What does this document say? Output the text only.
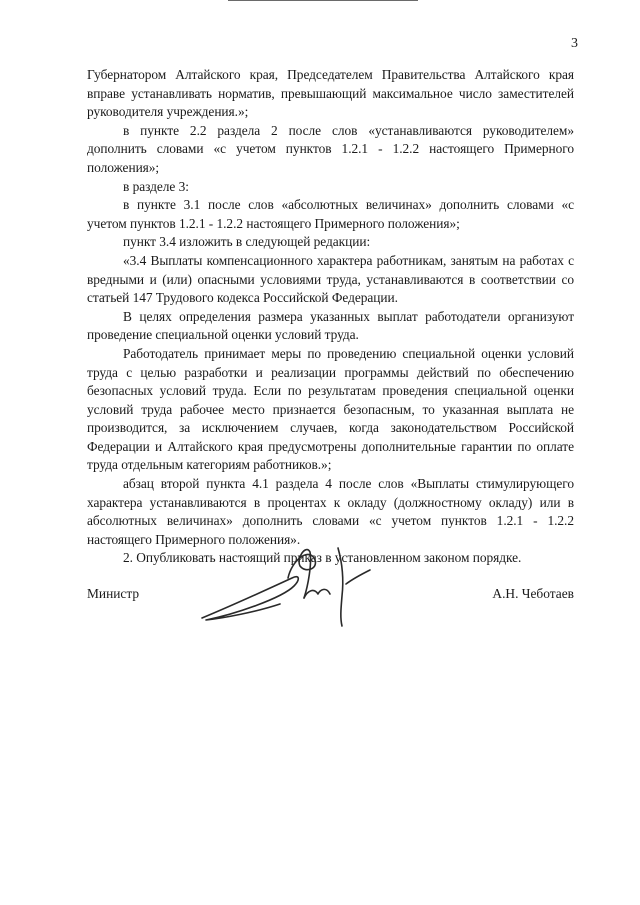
3

Губернатором Алтайского края, Председателем Правительства Алтайского края вправе устанавливать норматив, превышающий максимальное число заместителей руководителя учреждения.»;

в пункте 2.2 раздела 2 после слов «устанавливаются руководителем» дополнить словами «с учетом пунктов 1.2.1 - 1.2.2 настоящего Примерного положения»;

в разделе 3:

в пункте 3.1 после слов «абсолютных величинах» дополнить словами «с учетом пунктов 1.2.1 - 1.2.2 настоящего Примерного положения»;

пункт 3.4 изложить в следующей редакции:

«3.4 Выплаты компенсационного характера работникам, занятым на работах с вредными и (или) опасными условиями труда, устанавливаются в соответствии со статьей 147 Трудового кодекса Российской Федерации.

В целях определения размера указанных выплат работодатели организуют проведение специальной оценки условий труда.

Работодатель принимает меры по проведению специальной оценки условий труда с целью разработки и реализации программы действий по обеспечению безопасных условий труда. Если по результатам проведения специальной оценки условий труда рабочее место признается безопасным, то указанная выплата не производится, за исключением случаев, когда законодательством Российской Федерации и Алтайского края предусмотрены дополнительные гарантии по оплате труда отдельным категориям работников.»;

абзац второй пункта 4.1 раздела 4 после слов «Выплаты стимулирующего характера устанавливаются в процентах к окладу (должностному окладу) или в абсолютных величинах» дополнить словами «с учетом пунктов 1.2.1 - 1.2.2 настоящего Примерного положения».

2. Опубликовать настоящий приказ в установленном законом порядке.

Министр	А.Н. Чеботаев
